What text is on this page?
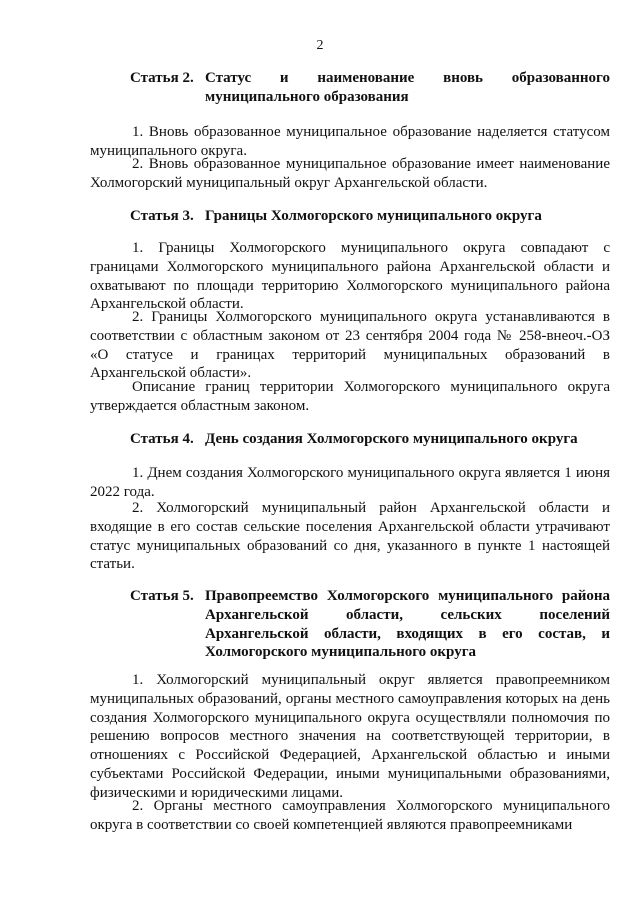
2
Статья 2. Статус и наименование вновь образованного муниципального образования

1. Вновь образованное муниципальное образование наделяется статусом муниципального округа.

2. Вновь образованное муниципальное образование имеет наименование Холмогорский муниципальный округ Архангельской области.

Статья 3. Границы Холмогорского муниципального округа

1. Границы Холмогорского муниципального округа совпадают с границами Холмогорского муниципального района Архангельской области и охватывают по площади территорию Холмогорского муниципального района Архангельской области.

2. Границы Холмогорского муниципального округа устанавливаются в соответствии с областным законом от 23 сентября 2004 года № 258-внеоч.-ОЗ «О статусе и границах территорий муниципальных образований в Архангельской области».

Описание границ территории Холмогорского муниципального округа утверждается областным законом.

Статья 4. День создания Холмогорского муниципального округа

1. Днем создания Холмогорского муниципального округа является 1 июня 2022 года.

2. Холмогорский муниципальный район Архангельской области и входящие в его состав сельские поселения Архангельской области утрачивают статус муниципальных образований со дня, указанного в пункте 1 настоящей статьи.

Статья 5. Правопреемство Холмогорского муниципального района Архангельской области, сельских поселений Архангельской области, входящих в его состав, и Холмогорского муниципального округа

1. Холмогорский муниципальный округ является правопреемником муниципальных образований, органы местного самоуправления которых на день создания Холмогорского муниципального округа осуществляли полномочия по решению вопросов местного значения на соответствующей территории, в отношениях с Российской Федерацией, Архангельской областью и иными субъектами Российской Федерации, иными муниципальными образованиями, физическими и юридическими лицами.

2. Органы местного самоуправления Холмогорского муниципального округа в соответствии со своей компетенцией являются правопреемниками
